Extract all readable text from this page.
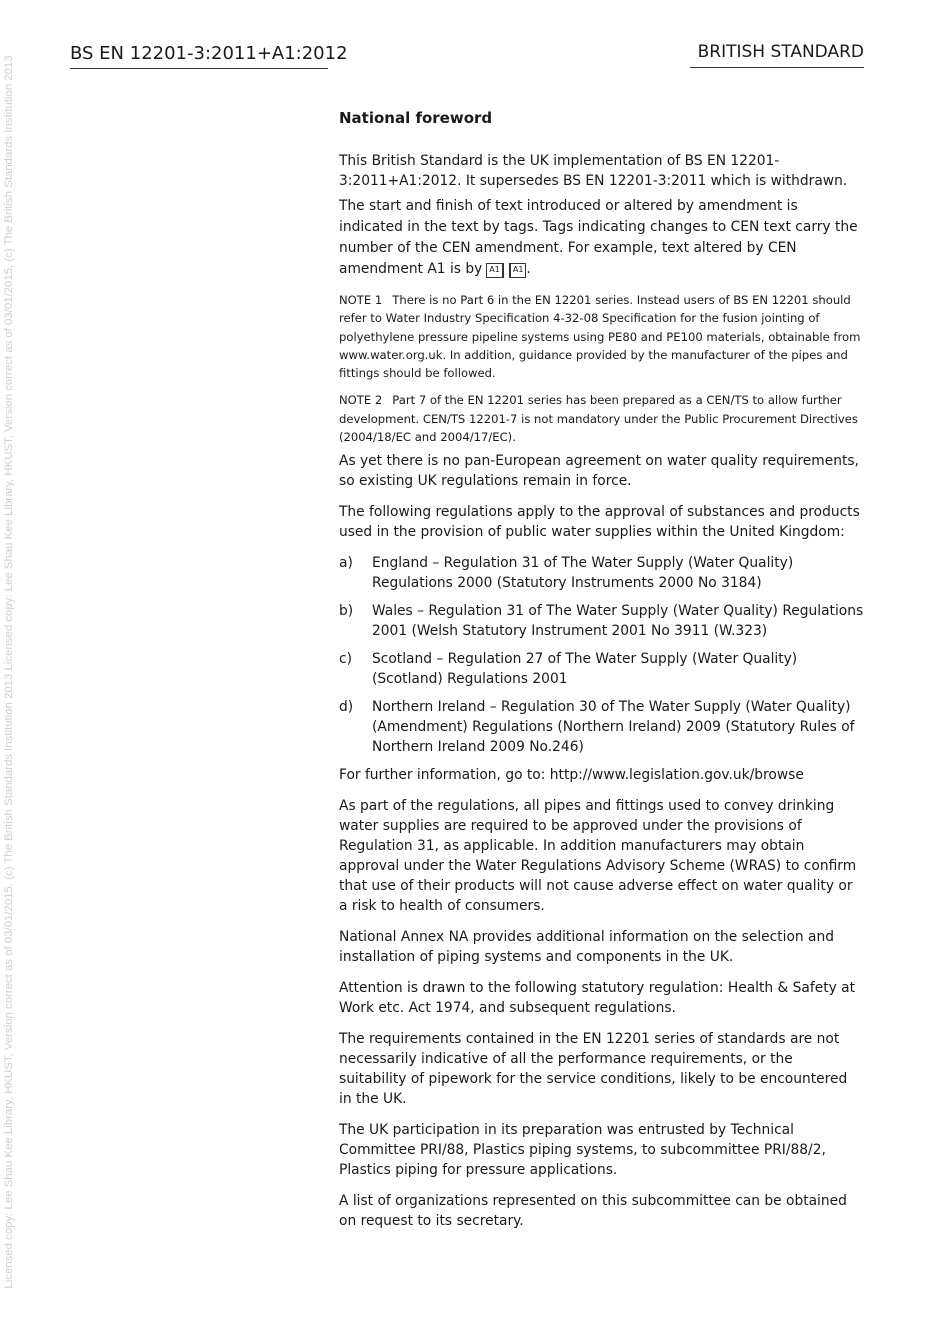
Licensed copy: Lee Shau Kee Library, HKUST, Version correct as of 03/01/2015, (c) The British Standards Institution 2013 Licensed copy: Lee Shau Kee Library, HKUST, Version correct as of 03/01/2015, (c) The British Standards Institution 2013
BS EN 12201-3:2011+A1:2012	BRITISH STANDARD
National foreword
This British Standard is the UK implementation of BS EN 12201-3:2011+A1:2012. It supersedes BS EN 12201-3:2011 which is withdrawn.
The start and finish of text introduced or altered by amendment is indicated in the text by tags. Tags indicating changes to CEN text carry the number of the CEN amendment. For example, text altered by CEN amendment A1 is by A1 A1 .
NOTE 1 There is no Part 6 in the EN 12201 series. Instead users of BS EN 12201 should refer to Water Industry Specification 4-32-08 Specification for the fusion jointing of polyethylene pressure pipeline systems using PE80 and PE100 materials, obtainable from www.water.org.uk. In addition, guidance provided by the manufacturer of the pipes and fittings should be followed.
NOTE 2 Part 7 of the EN 12201 series has been prepared as a CEN/TS to allow further development. CEN/TS 12201-7 is not mandatory under the Public Procurement Directives (2004/18/EC and 2004/17/EC).
As yet there is no pan-European agreement on water quality requirements, so existing UK regulations remain in force.
The following regulations apply to the approval of substances and products used in the provision of public water supplies within the United Kingdom:
a)	England – Regulation 31 of The Water Supply (Water Quality) Regulations 2000 (Statutory Instruments 2000 No 3184)
b)	Wales – Regulation 31 of The Water Supply (Water Quality) Regulations 2001 (Welsh Statutory Instrument 2001 No 3911 (W.323)
c)	Scotland – Regulation 27 of The Water Supply (Water Quality) (Scotland) Regulations 2001
d)	Northern Ireland – Regulation 30 of The Water Supply (Water Quality) (Amendment) Regulations (Northern Ireland) 2009 (Statutory Rules of Northern Ireland 2009 No.246)
For further information, go to: http://www.legislation.gov.uk/browse
As part of the regulations, all pipes and fittings used to convey drinking water supplies are required to be approved under the provisions of Regulation 31, as applicable. In addition manufacturers may obtain approval under the Water Regulations Advisory Scheme (WRAS) to confirm that use of their products will not cause adverse effect on water quality or a risk to health of consumers.
National Annex NA provides additional information on the selection and installation of piping systems and components in the UK.
Attention is drawn to the following statutory regulation: Health & Safety at Work etc. Act 1974, and subsequent regulations.
The requirements contained in the EN 12201 series of standards are not necessarily indicative of all the performance requirements, or the suitability of pipework for the service conditions, likely to be encountered in the UK.
The UK participation in its preparation was entrusted by Technical Committee PRI/88, Plastics piping systems, to subcommittee PRI/88/2, Plastics piping for pressure applications.
A list of organizations represented on this subcommittee can be obtained on request to its secretary.
